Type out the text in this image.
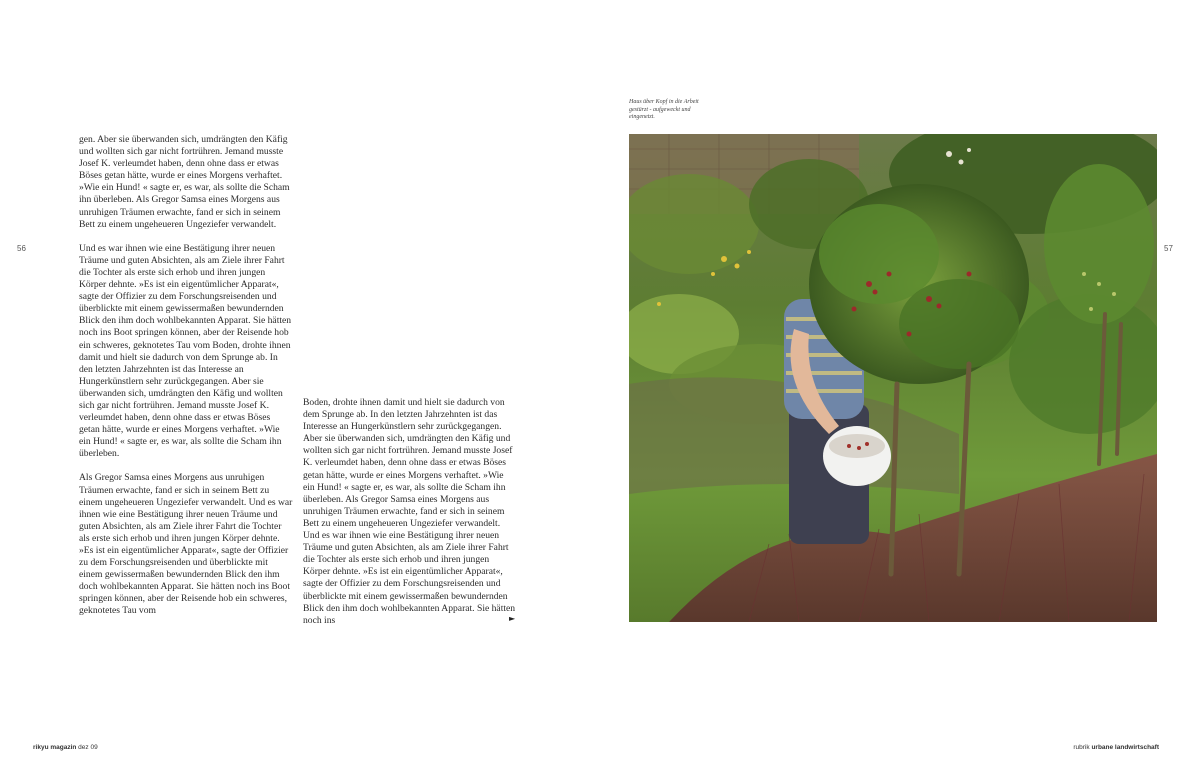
56	57

gen. Aber sie überwanden sich, umdrängten den Käfig und wollten sich gar nicht fortrühren. Jemand musste Josef K. verleumdet haben, denn ohne dass er etwas Böses getan hätte, wurde er eines Morgens verhaftet. »Wie ein Hund! « sagte er, es war, als sollte die Scham ihn überleben. Als Gregor Samsa eines Morgens aus unruhigen Träumen erwachte, fand er sich in seinem Bett zu einem ungeheueren Ungeziefer verwandelt.

Und es war ihnen wie eine Bestätigung ihrer neuen Träume und guten Absichten, als am Ziele ihrer Fahrt die Tochter als erste sich erhob und ihren jungen Körper dehnte. »Es ist ein eigentümlicher Apparat«, sagte der Offizier zu dem Forschungsreisenden und überblickte mit einem gewissermaßen bewundernden Blick den ihm doch wohlbekannten Apparat. Sie hätten noch ins Boot springen können, aber der Reisende hob ein schweres, geknotetes Tau vom Boden, drohte ihnen damit und hielt sie dadurch von dem Sprunge ab. In den letzten Jahrzehnten ist das Interesse an Hungerkünstlern sehr zurückgegangen. Aber sie überwanden sich, umdrängten den Käfig und wollten sich gar nicht fortrühren. Jemand musste Josef K. verleumdet haben, denn ohne dass er etwas Böses getan hätte, wurde er eines Morgens verhaftet. »Wie ein Hund! « sagte er, es war, als sollte die Scham ihn überleben.

Als Gregor Samsa eines Morgens aus unruhigen Träumen erwachte, fand er sich in seinem Bett zu einem ungeheueren Ungeziefer verwandelt. Und es war ihnen wie eine Bestätigung ihrer neuen Träume und guten Absichten, als am Ziele ihrer Fahrt die Tochter als erste sich erhob und ihren jungen Körper dehnte. »Es ist ein eigentümlicher Apparat«, sagte der Offizier zu dem Forschungsreisenden und überblickte mit einem gewissermaßen bewundernden Blick den ihm doch wohlbekannten Apparat. Sie hätten noch ins Boot springen können, aber der Reisende hob ein schweres, geknotetes Tau vom

Boden, drohte ihnen damit und hielt sie dadurch von dem Sprunge ab. In den letzten Jahrzehnten ist das Interesse an Hungerkünstlern sehr zurückgegangen. Aber sie überwanden sich, umdrängten den Käfig und wollten sich gar nicht fortrühren. Jemand musste Josef K. verleumdet haben, denn ohne dass er etwas Böses getan hätte, wurde er eines Morgens verhaftet. »Wie ein Hund! « sagte er, es war, als sollte die Scham ihn überleben. Als Gregor Samsa eines Morgens aus unruhigen Träumen erwachte, fand er sich in seinem Bett zu einem ungeheueren Ungeziefer verwandelt. Und es war ihnen wie eine Bestätigung ihrer neuen Träume und guten Absichten, als am Ziele ihrer Fahrt die Tochter als erste sich erhob und ihren jungen Körper dehnte. »Es ist ein eigentümlicher Apparat«, sagte der Offizier zu dem Forschungsreisenden und überblickte mit einem gewissermaßen bewundernden Blick den ihm doch wohlbekannten Apparat. Sie hätten noch ins	►
Haus über Kopf in die Arbeit
gestürzt - aufgeweckt und
eingenetzt.
rikyu magazin dez 09	rubrik urbane landwirtschaft
